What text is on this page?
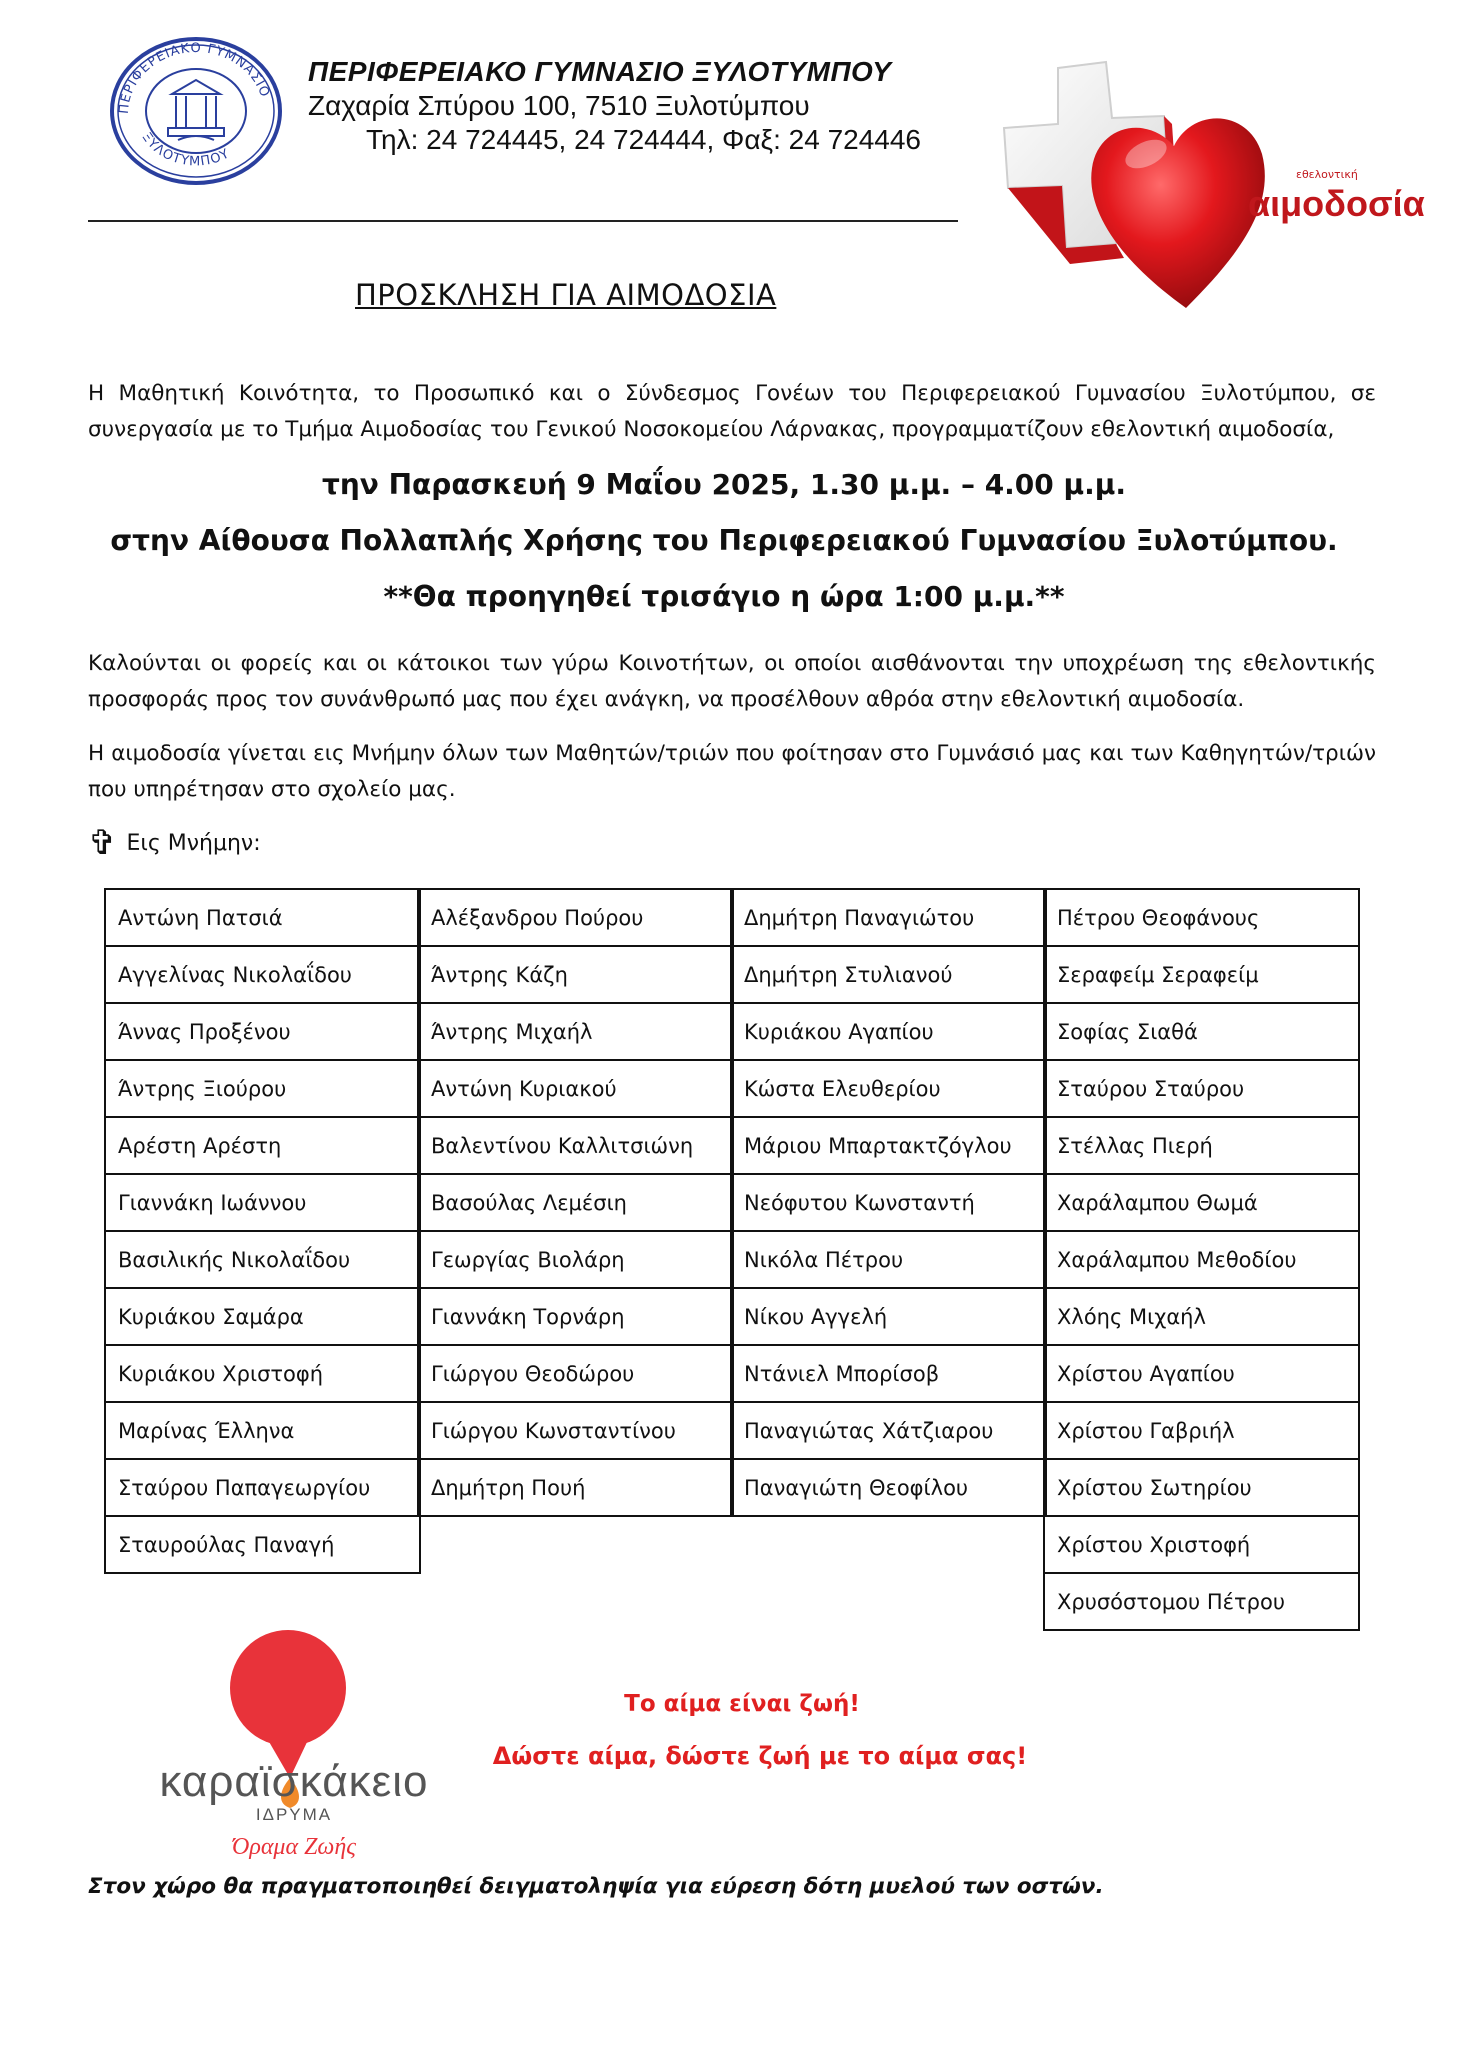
ΠΕΡΙΦΕΡΕΙΑΚΟ ΓΥΜΝΑΣΙΟ
ΞΥΛΟΤΥΜΠΟΥ
ΠΕΡΙΦΕΡΕΙΑΚΟ ΓΥΜΝΑΣΙΟ ΞΥΛΟΤΥΜΠΟΥ
Ζαχαρία Σπύρου 100, 7510 Ξυλοτύμπου
Τηλ: 24 724445, 24 724444, Φαξ: 24 724446
εθελοντική
αιμοδοσία
ΠΡΟΣΚΛΗΣΗ ΓΙΑ ΑΙΜΟΔΟΣΙΑ
Η Μαθητική Κοινότητα, το Προσωπικό και ο Σύνδεσμος Γονέων του Περιφερειακού Γυμνασίου Ξυλοτύμπου, σε συνεργασία με το Τμήμα Αιμοδοσίας του Γενικού Νοσοκομείου Λάρνακας, προγραμματίζουν εθελοντική αιμοδοσία,
την Παρασκευή 9 Μαΐου 2025, 1.30 μ.μ. – 4.00 μ.μ.
στην Αίθουσα Πολλαπλής Χρήσης του Περιφερειακού Γυμνασίου Ξυλοτύμπου.
**Θα προηγηθεί τρισάγιο η ώρα 1:00 μ.μ.**
Καλούνται οι φορείς και οι κάτοικοι των γύρω Κοινοτήτων, οι οποίοι αισθάνονται την υποχρέωση της εθελοντικής προσφοράς προς τον συνάνθρωπό μας που έχει ανάγκη, να προσέλθουν αθρόα στην εθελοντική αιμοδοσία.
Η αιμοδοσία γίνεται εις Μνήμην όλων των Μαθητών/τριών που φοίτησαν στο Γυμνάσιό μας και των Καθηγητών/τριών που υπηρέτησαν στο σχολείο μας.
✞ Εις Μνήμην:
Αντώνη Πατσιά
Αγγελίνας Νικολαΐδου
Άννας Προξένου
Άντρης Ξιούρου
Αρέστη Αρέστη
Γιαννάκη Ιωάννου
Βασιλικής Νικολαΐδου
Κυριάκου Σαμάρα
Κυριάκου Χριστοφή
Μαρίνας Έλληνα
Σταύρου Παπαγεωργίου
Σταυρούλας Παναγή
Αλέξανδρου Πούρου
Άντρης Κάζη
Άντρης Μιχαήλ
Αντώνη Κυριακού
Βαλεντίνου Καλλιτσιώνη
Βασούλας Λεμέσιη
Γεωργίας Βιολάρη
Γιαννάκη Τορνάρη
Γιώργου Θεοδώρου
Γιώργου Κωνσταντίνου
Δημήτρη Πουή
Δημήτρη Παναγιώτου
Δημήτρη Στυλιανού
Κυριάκου Αγαπίου
Κώστα Ελευθερίου
Μάριου Μπαρτακτζόγλου
Νεόφυτου Κωνσταντή
Νικόλα Πέτρου
Νίκου Αγγελή
Ντάνιελ Μπορίσοβ
Παναγιώτας Χάτζιαρου
Παναγιώτη Θεοφίλου
Πέτρου Θεοφάνους
Σεραφείμ Σεραφείμ
Σοφίας Σιαθά
Σταύρου Σταύρου
Στέλλας Πιερή
Χαράλαμπου Θωμά
Χαράλαμπου Μεθοδίου
Χλόης Μιχαήλ
Χρίστου Αγαπίου
Χρίστου Γαβριήλ
Χρίστου Σωτηρίου
Χρίστου Χριστοφή
Χρυσόστομου Πέτρου
καραϊσκάκειο
ΙΔΡΥΜΑ
Όραμα Ζωής
Το αίμα είναι ζωή!
Δώστε αίμα, δώστε ζωή με το αίμα σας!
Στον χώρο θα πραγματοποιηθεί δειγματοληψία για εύρεση δότη μυελού των οστών.
